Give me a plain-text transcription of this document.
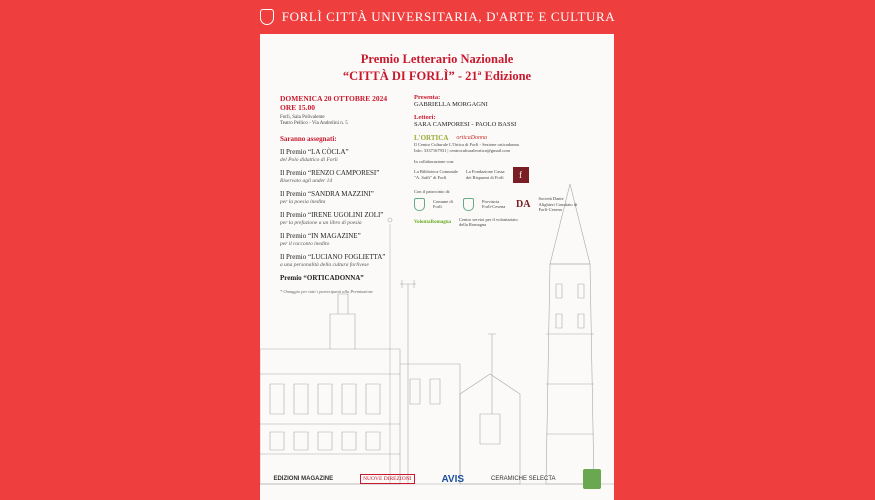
FORLÌ CITTÀ UNIVERSITARIA, D'ARTE E CULTURA
Premio Letterario Nazionale
“CITTÀ DI FORLÌ” - 21ª Edizione
DOMENICA 20 OTTOBRE 2024
ORE 15.00
Forlì, Sala Polivalente
Teatro Pellico - Via Andrelini n. 5
Saranno assegnati:
Il Premio “LA CÒCLA”
del Polo didattico di Forlì
Il Premio “RENZO CAMPORESI”
Riservato agli under 14
Il Premio “SANDRA MAZZINI”
per la poesia inedita
Il Premio “IRENE UGOLINI ZOLI”
per la prefazione a un libro di poesia
Il Premio “IN MAGAZINE”
per il racconto inedito
Il Premio “LUCIANO FOGLIETTA”
a una personalità della cultura forlivese
Premio “ORTICADONNA”
* Omaggio per tutti i partecipanti alla Premiazione
Presenta:
GABRIELLA MORGAGNI
Lettori:
SARA CAMPORESI - PAOLO BASSI
L'ORTICA orticaDonna
Il Centro Culturale L'Ortica di Forlì - Sezione orticadonna
Info: 3337167931 | centroculturaleortica@gmail.com
In collaborazione con:
La Biblioteca Comunale
"A. Saffi" di Forlì
La Fondazione Cassa
dei Risparmi di Forlì	f
Con il patrocinio di:
Comune di Forlì
Provincia Forlì-Cesena DA
Società Dante Alighieri Comitato di Forlì-Cesena
VolontaRomagna
Centro servizi per il volontariato della Romagna
EDIZIONI MAGAZINE	NUOVE DIREZIONI	AVIS	CERAMICHE SELECTA
